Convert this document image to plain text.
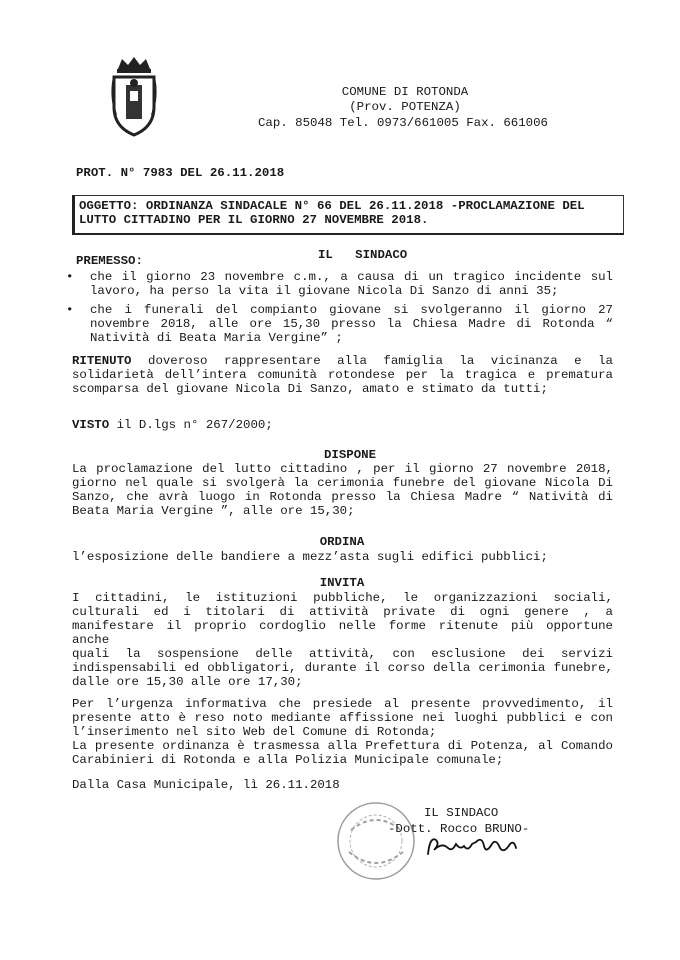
COMUNE DI ROTONDA
(Prov. POTENZA)
Cap. 85048 Tel. 0973/661005 Fax. 661006
PROT. N° 7983 DEL 26.11.2018
OGGETTO: ORDINANZA SINDACALE N° 66 DEL 26.11.2018 -PROCLAMAZIONE DEL
LUTTO CITTADINO PER IL GIORNO 27 NOVEMBRE 2018.
IL   SINDACO
PREMESSO:
• che il giorno 23 novembre c.m., a causa di un tragico incidente sul
lavoro, ha perso la vita il giovane Nicola Di Sanzo di anni 35;
• che i funerali del compianto giovane si svolgeranno il giorno 27
novembre 2018, alle ore 15,30 presso la Chiesa Madre di Rotonda “
Natività di Beata Maria Vergine” ;
RITENUTO doveroso rappresentare alla famiglia la vicinanza e la
solidarietà dell’intera comunità rotondese per la tragica e prematura
scomparsa del giovane Nicola Di Sanzo, amato e stimato da tutti;
VISTO il D.lgs n° 267/2000;
DISPONE
La proclamazione del lutto cittadino , per il giorno 27 novembre 2018,
giorno nel quale si svolgerà la cerimonia funebre del giovane Nicola Di
Sanzo, che avrà luogo in Rotonda presso la Chiesa Madre “ Natività di
Beata Maria Vergine ”, alle ore 15,30;
ORDINA
l’esposizione delle bandiere a mezz’asta sugli edifici pubblici;
INVITA
I cittadini, le istituzioni pubbliche, le organizzazioni sociali,
culturali ed i titolari di attività private di ogni genere , a
manifestare il proprio cordoglio nelle forme ritenute più opportune anche
quali la sospensione delle attività, con esclusione dei servizi
indispensabili ed obbligatori, durante il corso della cerimonia funebre,
dalle ore 15,30 alle ore 17,30;
Per l’urgenza informativa che presiede al presente provvedimento, il
presente atto è reso noto mediante affissione nei luoghi pubblici e con
l’inserimento nel sito Web del Comune di Rotonda;
La presente ordinanza è trasmessa alla Prefettura di Potenza, al Comando
Carabinieri di Rotonda e alla Polizia Municipale comunale;
Dalla Casa Municipale, lì 26.11.2018
IL SINDACO
-Dott. Rocco BRUNO-
